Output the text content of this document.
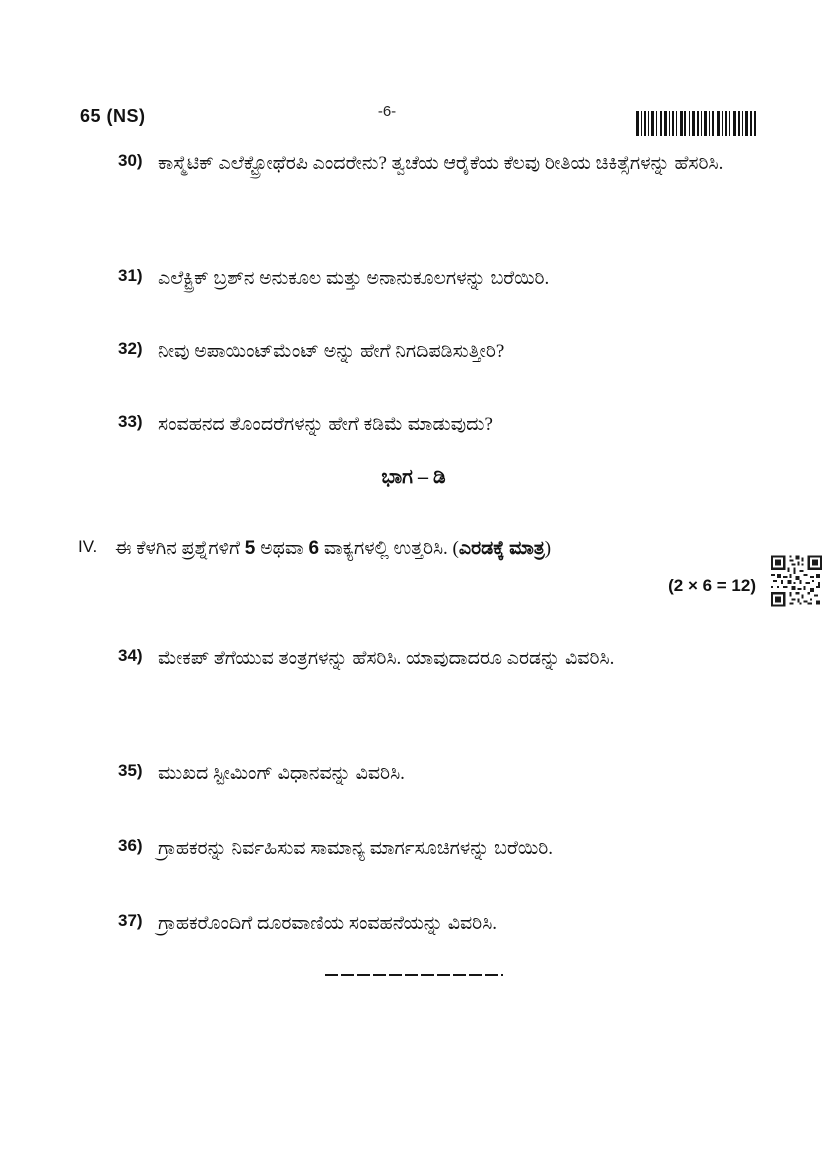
65 (NS)	-6-
30) ಕಾಸ್ಮೆಟಿಕ್ ಎಲೆಕ್ಟ್ರೋಥೆರಪಿ ಎಂದರೇನು? ತ್ವಚೆಯ ಆರೈಕೆಯ ಕೆಲವು ರೀತಿಯ ಚಿಕಿತ್ಸೆಗಳನ್ನು ಹೆಸರಿಸಿ.

31) ಎಲೆಕ್ಟ್ರಿಕ್ ಬ್ರಶ್‌ನ ಅನುಕೂಲ ಮತ್ತು ಅನಾನುಕೂಲಗಳನ್ನು ಬರೆಯಿರಿ.

32) ನೀವು ಅಪಾಯಿಂಟ್‌ಮೆಂಟ್ ಅನ್ನು ಹೇಗೆ ನಿಗದಿಪಡಿಸುತ್ತೀರಿ?

33) ಸಂವಹನದ ತೊಂದರೆಗಳನ್ನು ಹೇಗೆ ಕಡಿಮೆ ಮಾಡುವುದು?

ಭಾಗ – ಡಿ
IV. ಈ ಕೆಳಗಿನ ಪ್ರಶ್ನೆಗಳಿಗೆ 5 ಅಥವಾ 6 ವಾಕ್ಯಗಳಲ್ಲಿ ಉತ್ತರಿಸಿ. (ಎರಡಕ್ಕೆ ಮಾತ್ರ)

(2 × 6 = 12)
34) ಮೇಕಪ್ ತೆಗೆಯುವ ತಂತ್ರಗಳನ್ನು ಹೆಸರಿಸಿ. ಯಾವುದಾದರೂ ಎರಡನ್ನು ವಿವರಿಸಿ.

35) ಮುಖದ ಸ್ಟೀಮಿಂಗ್ ವಿಧಾನವನ್ನು ವಿವರಿಸಿ.

36) ಗ್ರಾಹಕರನ್ನು ನಿರ್ವಹಿಸುವ ಸಾಮಾನ್ಯ ಮಾರ್ಗಸೂಚಿಗಳನ್ನು ಬರೆಯಿರಿ.

37) ಗ್ರಾಹಕರೊಂದಿಗೆ ದೂರವಾಣಿಯ ಸಂವಹನೆಯನ್ನು ವಿವರಿಸಿ.
